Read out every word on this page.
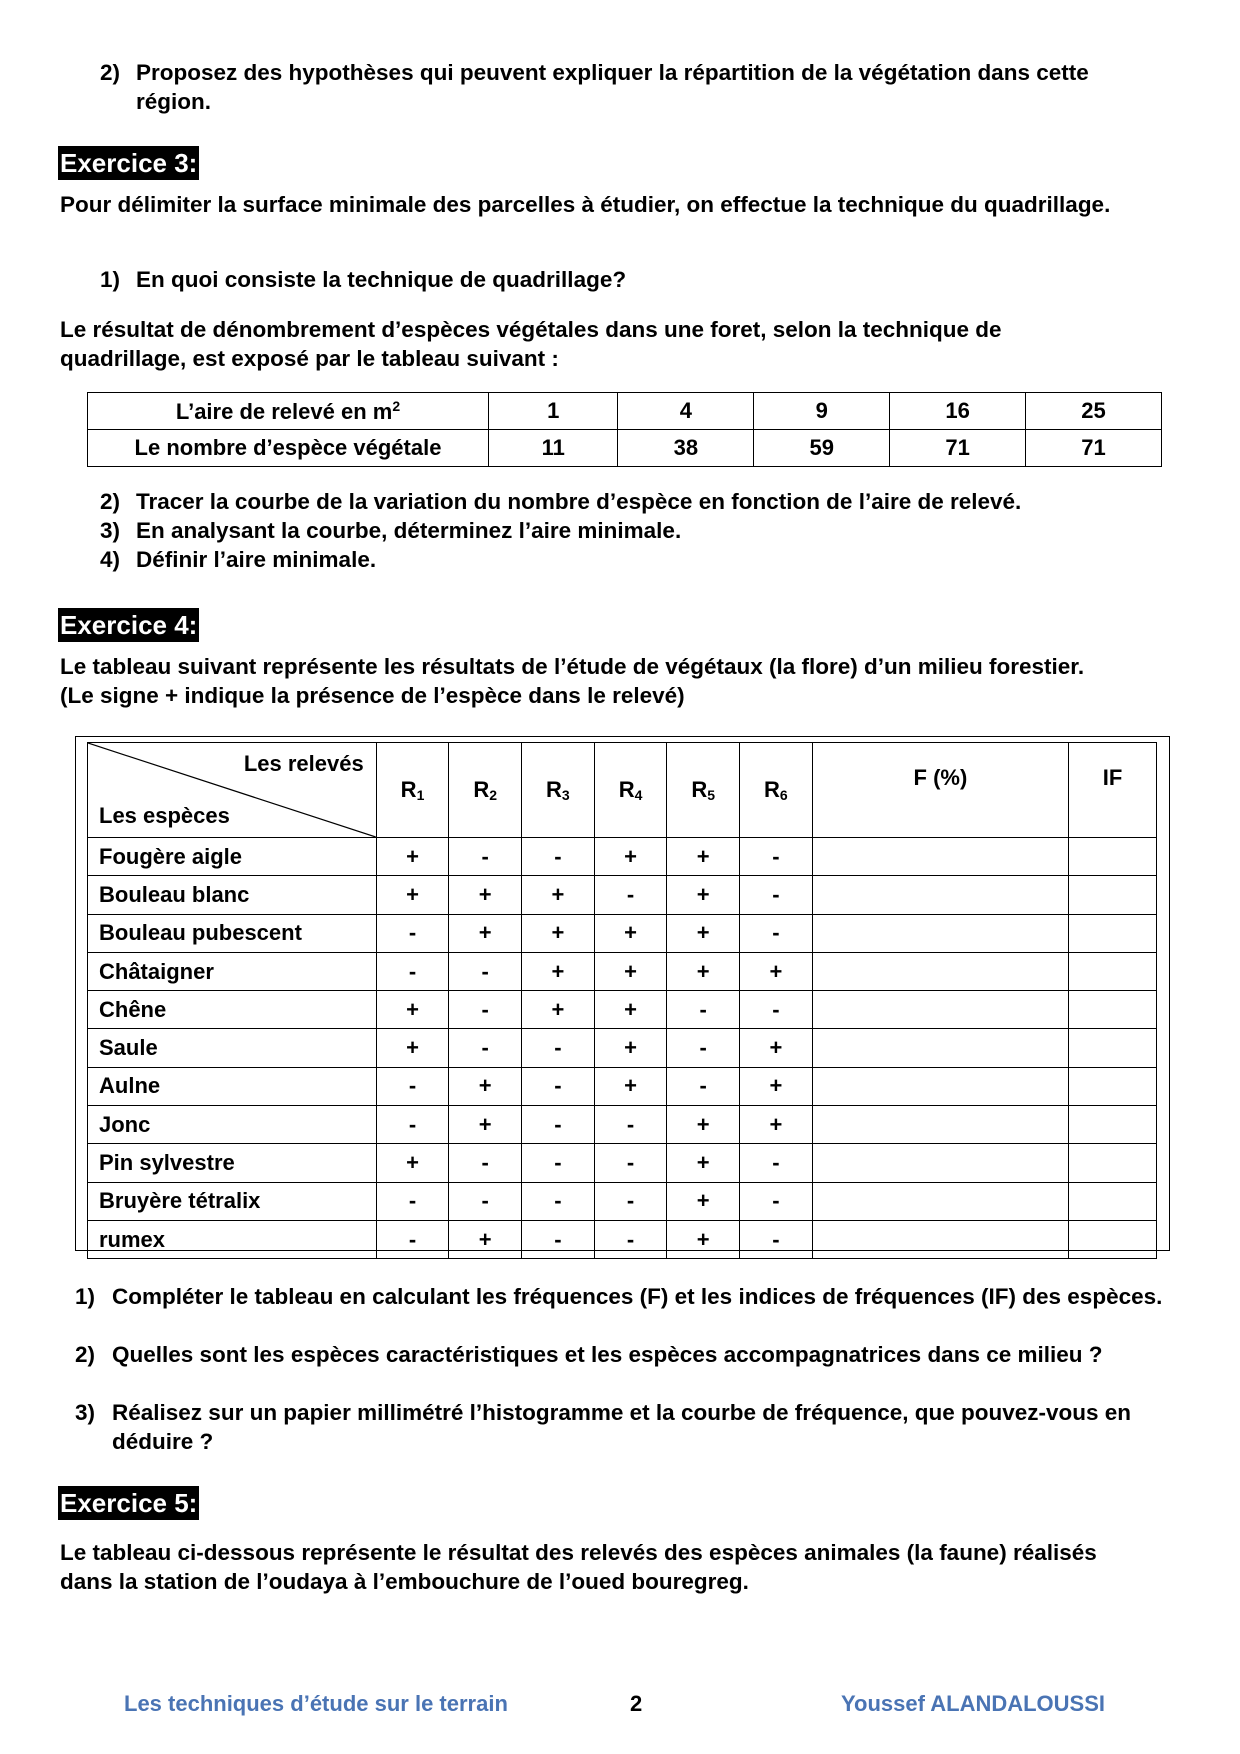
2) Proposez des hypothèses qui peuvent expliquer la répartition de la végétation dans cette région.
Exercice 3:
Pour délimiter la surface minimale des parcelles à étudier, on effectue la technique du quadrillage.
1) En quoi consiste la technique de quadrillage?
Le résultat de dénombrement d’espèces végétales dans une foret, selon la technique de quadrillage, est exposé par le tableau suivant :
L’aire de relevé en $m^2$	1	4	9	16	25
Le nombre d’espèce végétale	11	38	59	71	71
2) Tracer la courbe de la variation du nombre d’espèce en fonction de l’aire de relevé.
3) En analysant la courbe, déterminez l’aire minimale.
4) Définir l’aire minimale.
Exercice 4:
Le tableau suivant représente les résultats de l’étude de végétaux (la flore) d’un milieu forestier. (Le signe + indique la présence de l’espèce dans le relevé)
Les relevés
Les espèces	$R_1$	$R_2$	$R_3$	$R_4$	$R_5$	$R_6$	F (%)	IF
Fougère aigle	+	-	-	+	+	-		
Bouleau blanc	+	+	+	-	+	-		
Bouleau pubescent	-	+	+	+	+	-		
Châtaigner	-	-	+	+	+	+		
Chêne	+	-	+	+	-	-		
Saule	+	-	-	+	-	+		
Aulne	-	+	-	+	-	+		
Jonc	-	+	-	-	+	+		
Pin sylvestre	+	-	-	-	+	-		
Bruyère tétralix	-	-	-	-	+	-		
rumex	-	+	-	-	+	-		
1) Compléter le tableau en calculant les fréquences (F) et les indices de fréquences (IF) des espèces.
2) Quelles sont les espèces caractéristiques et les espèces accompagnatrices dans ce milieu ?
3) Réalisez sur un papier millimétré l’histogramme et la courbe de fréquence, que pouvez-vous en déduire ?
Exercice 5:
Le tableau ci-dessous représente le résultat des relevés des espèces animales (la faune) réalisés dans la station de l’oudaya à l’embouchure de l’oued bouregreg.
Les techniques d’étude sur le terrain	2	Youssef ALANDALOUSSI
